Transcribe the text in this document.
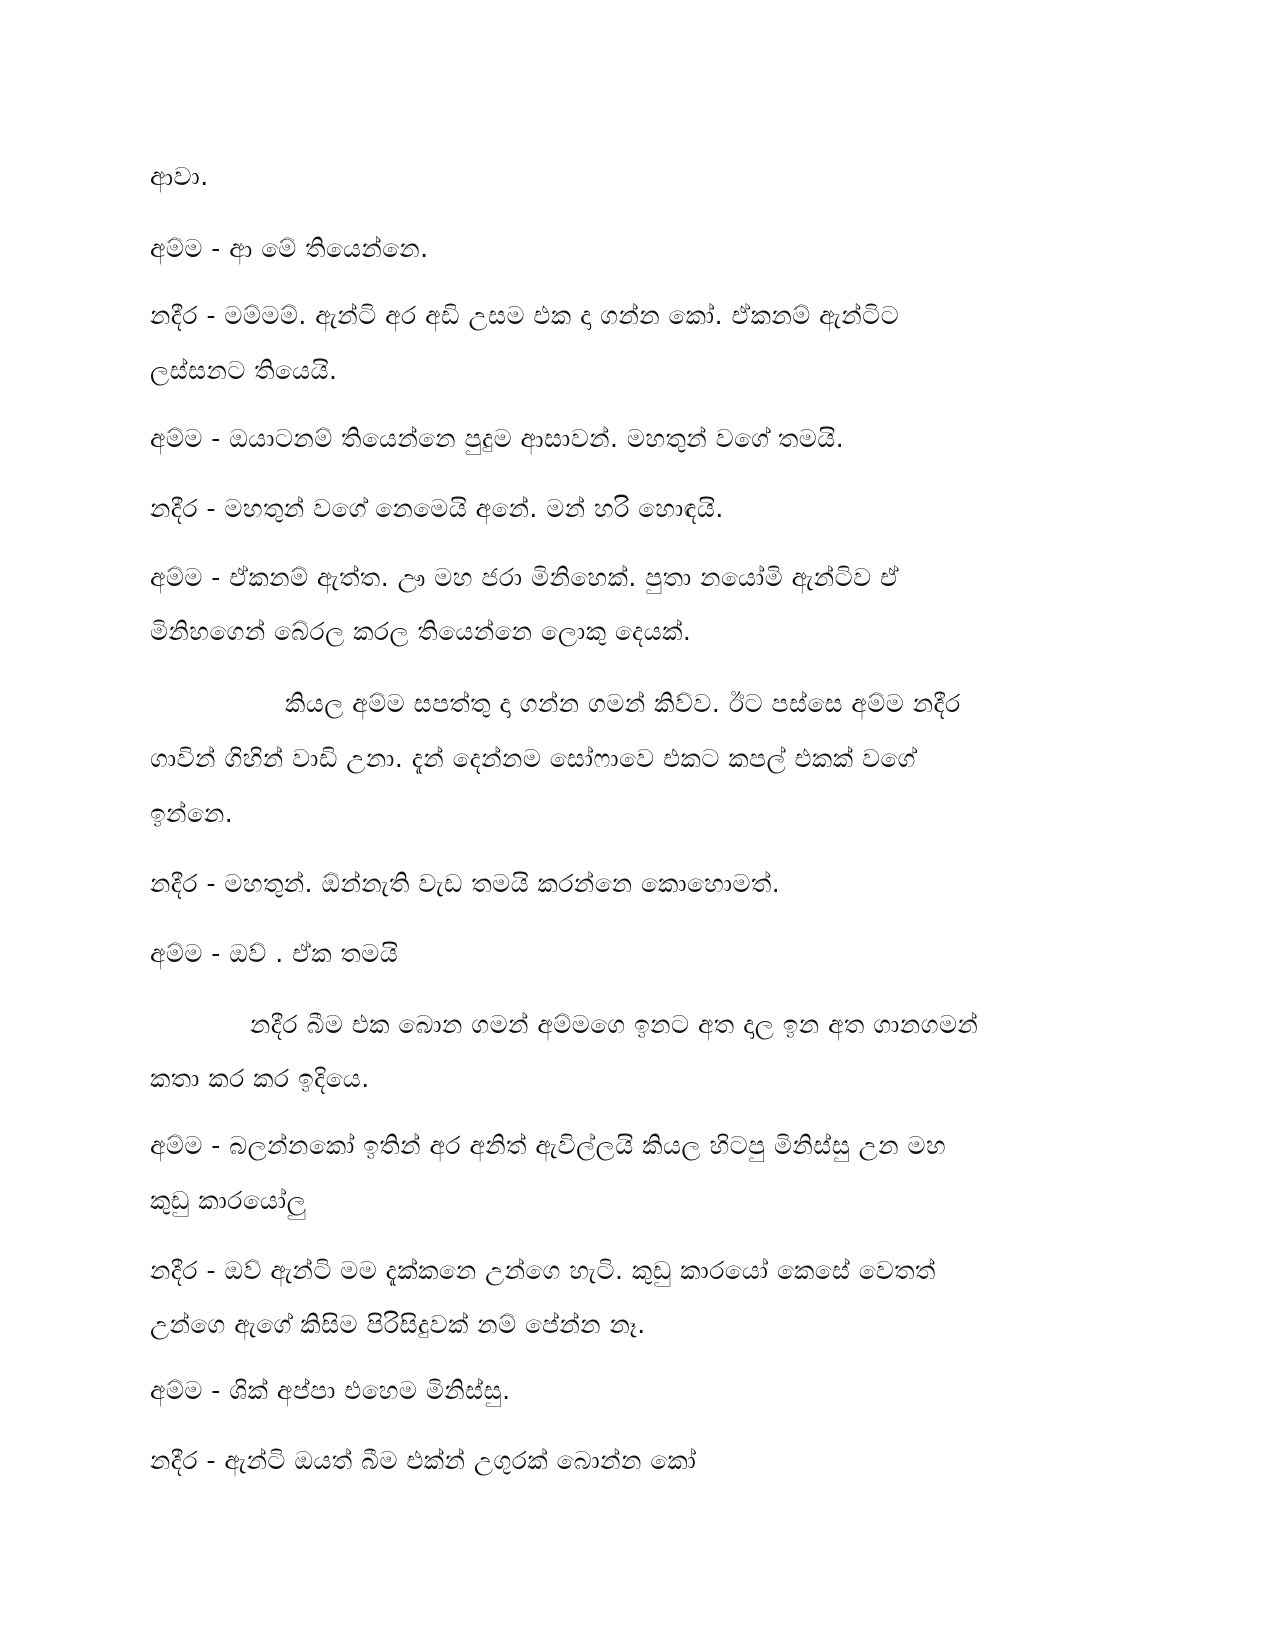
ආවා.
අම්ම - ආ මේ තියෙන්නෙ.
නදීර - මම්මම්. ඇන්ටි අර අඩි උසම එක දා ගන්න කෝ. ඒකනම් ඇන්ටිට
ලස්සනට තියෙයි.
අම්ම - ඔයාටනම් තියෙන්නෙ පුදුම ආසාවන්. මහතුන් වගේ තමයි.
නදීර - මහතුන් වගේ නෙමෙයි අනේ. මන් හරි හොඳයි.
අම්ම - ඒකනම් ඇත්ත. ඌ මහ ජරා මිනිහෙක්. පුතා නයෝමි ඇන්ටිව ඒ
මිනිහගෙන් බේරල කරල තියෙන්නෙ ලොකු දෙයක්.
කියල අම්ම සපත්තු දා ගන්න ගමන් කිව්ව. ඊට පස්සෙ අම්ම නදීර
ගාවින් ගිහින් වාඩි උනා. දැන් දෙන්නම සෝෆාවෙ එකට කපල් එකක් වගේ
ඉන්නෙ.
නදීර - මහතුන්. ඕන්නැති වැඩ තමයි කරන්නෙ කොහොමත්.
අම්ම - ඔව් . ඒක තමයි
නදීර බීම එක බොන ගමන් අම්මගෙ ඉනට අත දාල ඉන අත ගානගමන්
කතා කර කර ඉදියෙ.
අම්ම - බලන්නකෝ ඉතින් අර අනිත් ඇවිල්ලයි කියල හිටපු මිනිස්සු උන මහ
කුඩු කාරයෝලු
නදීර - ඔව් ඇන්ටි මම දැක්කනෙ උන්ගෙ හැටි. කුඩු කාරයෝ කෙසේ වෙතත්
උන්ගෙ ඇගේ කිසිම පිරිසිදුවක් නම් පේන්න නෑ.
අම්ම - ශික් අප්පා එහෙම මිනිස්සු.
නදීර - ඇන්ටි ඔයත් බීම එක්න් උගුරක් බොන්න කෝ
